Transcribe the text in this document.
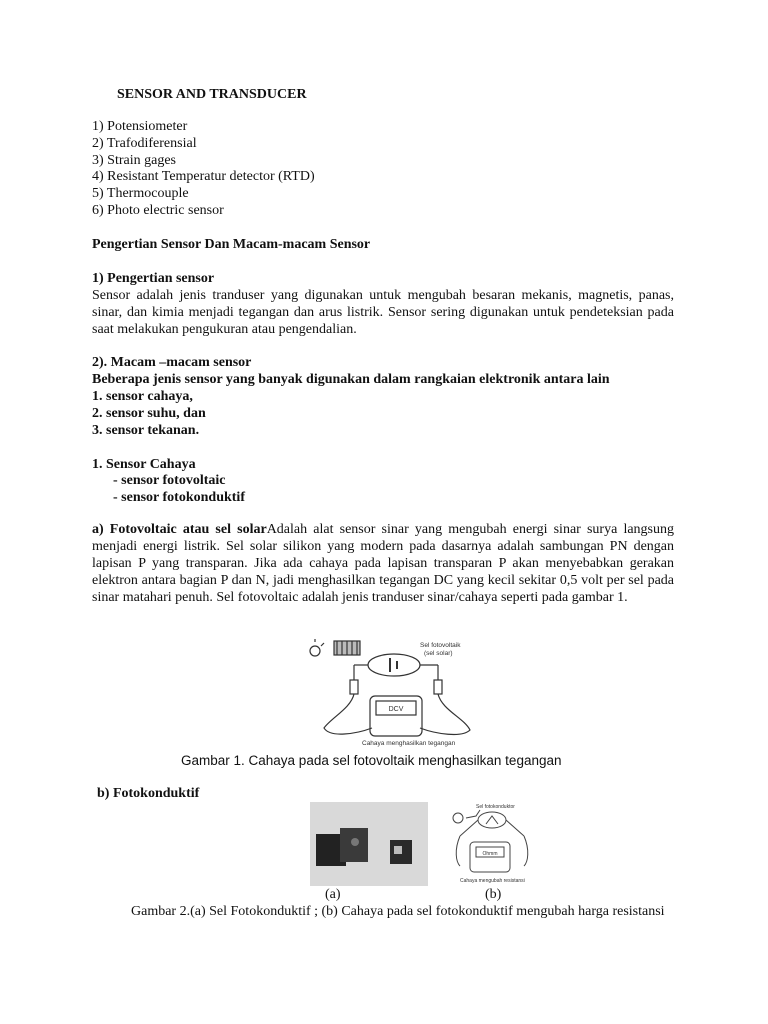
SENSOR AND TRANSDUCER
1) Potensiometer
2) Trafodiferensial
3) Strain gages
4) Resistant Temperatur detector (RTD)
5) Thermocouple
6) Photo electric sensor
Pengertian Sensor Dan Macam-macam Sensor
1) Pengertian sensor
Sensor adalah jenis tranduser yang digunakan untuk mengubah besaran mekanis, magnetis, panas, sinar, dan kimia menjadi tegangan dan arus listrik. Sensor sering digunakan untuk pendeteksian pada saat melakukan pengukuran atau pengendalian.
2). Macam –macam sensor
Beberapa jenis sensor yang banyak digunakan dalam rangkaian elektronik antara lain
1. sensor cahaya,
2. sensor suhu, dan
3. sensor tekanan.
1. Sensor Cahaya
- sensor fotovoltaic
- sensor fotokonduktif
a) Fotovoltaic atau sel solarAdalah alat sensor sinar yang mengubah energi sinar surya langsung menjadi energi listrik. Sel solar silikon yang modern pada dasarnya adalah sambungan PN dengan lapisan P yang transparan. Jika ada cahaya pada lapisan transparan P akan menyebabkan gerakan elektron antara bagian P dan N, jadi menghasilkan tegangan DC yang kecil sekitar 0,5 volt per sel pada sinar matahari penuh. Sel fotovoltaic adalah jenis tranduser sinar/cahaya seperti pada gambar 1.
DCV
Sel fotovoltaik
(sel solar)
Cahaya menghasilkan tegangan
Gambar 1. Cahaya pada sel fotovoltaik menghasilkan tegangan
b) Fotokonduktif
Sel fotokonduktor
Ohmm
Cahaya mengubah resistansi
(a)	(b)
Gambar 2.(a) Sel Fotokonduktif ; (b) Cahaya pada sel fotokonduktif mengubah harga resistansi
